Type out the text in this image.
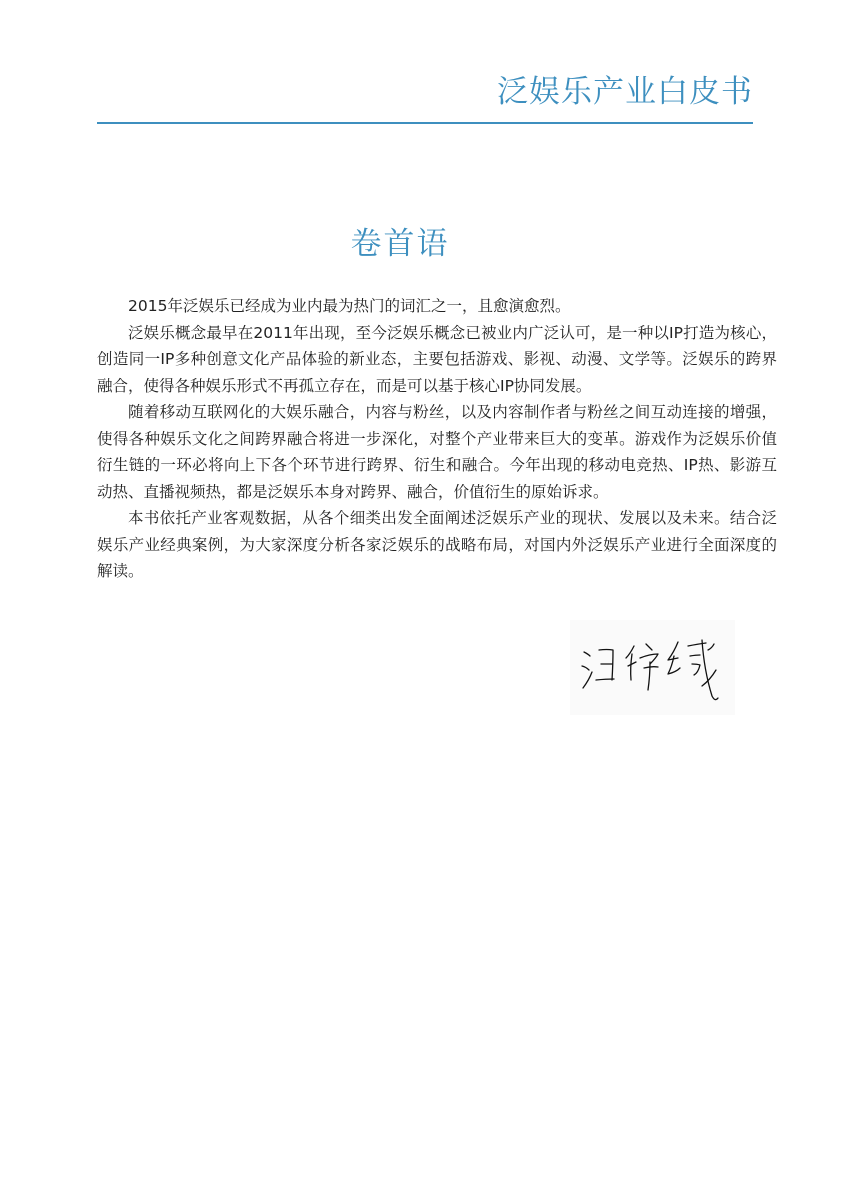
泛娱乐产业白皮书
卷首语

2015年泛娱乐已经成为业内最为热门的词汇之一，且愈演愈烈。

泛娱乐概念最早在2011年出现，至今泛娱乐概念已被业内广泛认可，是一种以IP打造为核心，创造同一IP多种创意文化产品体验的新业态，主要包括游戏、影视、动漫、文学等。泛娱乐的跨界融合，使得各种娱乐形式不再孤立存在，而是可以基于核心IP协同发展。

随着移动互联网化的大娱乐融合，内容与粉丝，以及内容制作者与粉丝之间互动连接的增强，使得各种娱乐文化之间跨界融合将进一步深化，对整个产业带来巨大的变革。游戏作为泛娱乐价值衍生链的一环必将向上下各个环节进行跨界、衍生和融合。今年出现的移动电竞热、IP热、影游互动热、直播视频热，都是泛娱乐本身对跨界、融合，价值衍生的原始诉求。

本书依托产业客观数据，从各个细类出发全面阐述泛娱乐产业的现状、发展以及未来。结合泛娱乐产业经典案例，为大家深度分析各家泛娱乐的战略布局，对国内外泛娱乐产业进行全面深度的解读。
